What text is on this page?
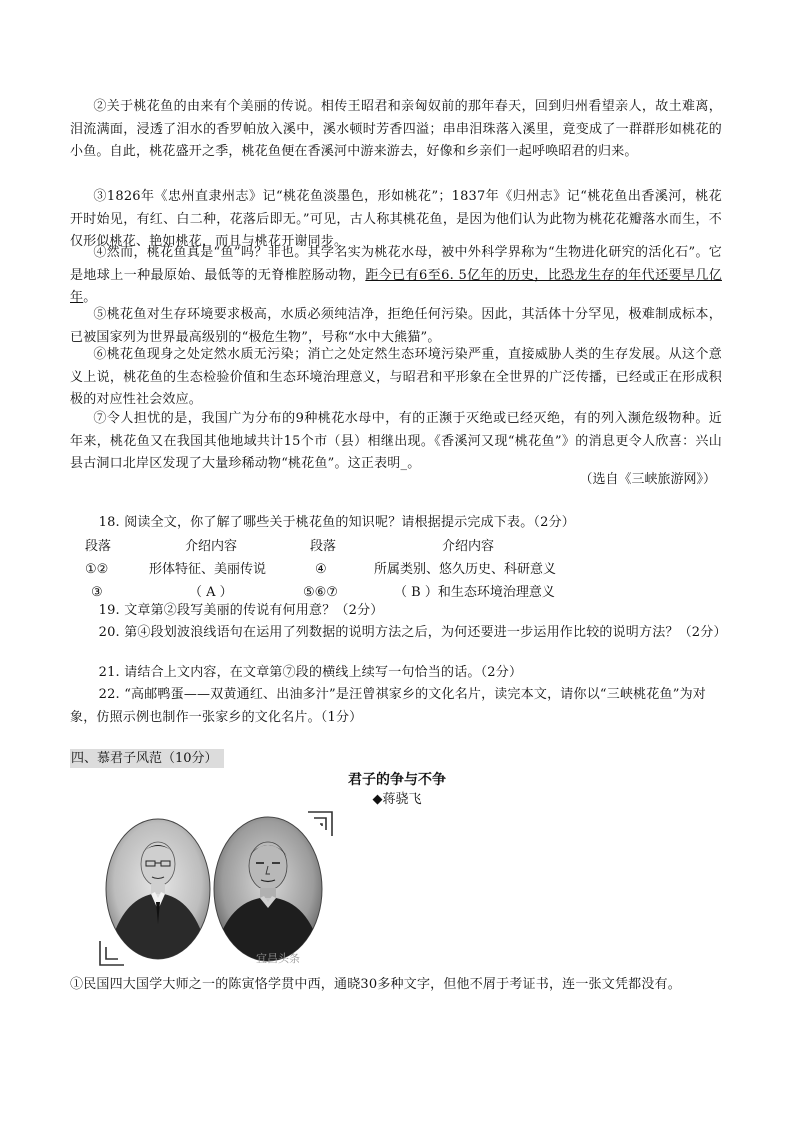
②关于桃花鱼的由来有个美丽的传说。相传王昭君和亲匈奴前的那年春天，回到归州看望亲人，故土难离，泪流满面，浸透了泪水的香罗帕放入溪中，溪水顿时芳香四溢；串串泪珠落入溪里，竟变成了一群群形如桃花的小鱼。自此，桃花盛开之季，桃花鱼便在香溪河中游来游去，好像和乡亲们一起呼唤昭君的归来。

③1826年《忠州直隶州志》记“桃花鱼淡墨色，形如桃花”；1837年《归州志》记“桃花鱼出香溪河，桃花开时始见，有红、白二种，花落后即无。”可见，古人称其桃花鱼，是因为他们认为此物为桃花花瓣落水而生，不仅形似桃花、艳如桃花，而且与桃花开谢同步。

④然而，桃花鱼真是“鱼”吗？非也。其学名实为桃花水母，被中外科学界称为“生物进化研究的活化石”。它是地球上一种最原始、最低等的无脊椎腔肠动物，距今已有6至6. 5亿年的历史，比恐龙生存的年代还要早几亿年。

⑤桃花鱼对生存环境要求极高，水质必须纯洁净，拒绝任何污染。因此，其活体十分罕见，极难制成标本，已被国家列为世界最高级别的“极危生物”，号称“水中大熊猫”。

⑥桃花鱼现身之处定然水质无污染；消亡之处定然生态环境污染严重，直接威胁人类的生存发展。从这个意义上说，桃花鱼的生态检验价值和生态环境治理意义，与昭君和平形象在全世界的广泛传播，已经或正在形成积极的对应性社会效应。

⑦令人担忧的是，我国广为分布的9种桃花水母中，有的正濒于灭绝或已经灭绝，有的列入濒危级物种。近年来，桃花鱼又在我国其他地域共计15个市（县）相继出现。《香溪河又现“桃花鱼”》的消息更令人欣喜：兴山县古洞口北岸区发现了大量珍稀动物“桃花鱼”。这正表明_。

（选自《三峡旅游网》）

18. 阅读全文，你了解了哪些关于桃花鱼的知识呢？请根据提示完成下表。（2分）

段落	介绍内容	段落	介绍内容
①②	形体特征、美丽传说	④	所属类别、悠久历史、科研意义
③	（ A ）	⑤⑥⑦	（ B ）和生态环境治理意义

19. 文章第②段写美丽的传说有何用意？（2分）

20. 第④段划波浪线语句在运用了列数据的说明方法之后，为何还要进一步运用作比较的说明方法？（2分）

21. 请结合上文内容，在文章第⑦段的横线上续写一句恰当的话。（2分）

22. “高邮鸭蛋——双黄通红、出油多汁”是汪曾祺家乡的文化名片，读完本文，请你以“三峡桃花鱼”为对象，仿照示例也制作一张家乡的文化名片。（1分）

四、慕君子风范（10分）
君子的争与不争
◆蒋骁飞
宜昌头条
①民国四大国学大师之一的陈寅恪学贯中西，通晓30多种文字，但他不屑于考证书，连一张文凭都没有。
